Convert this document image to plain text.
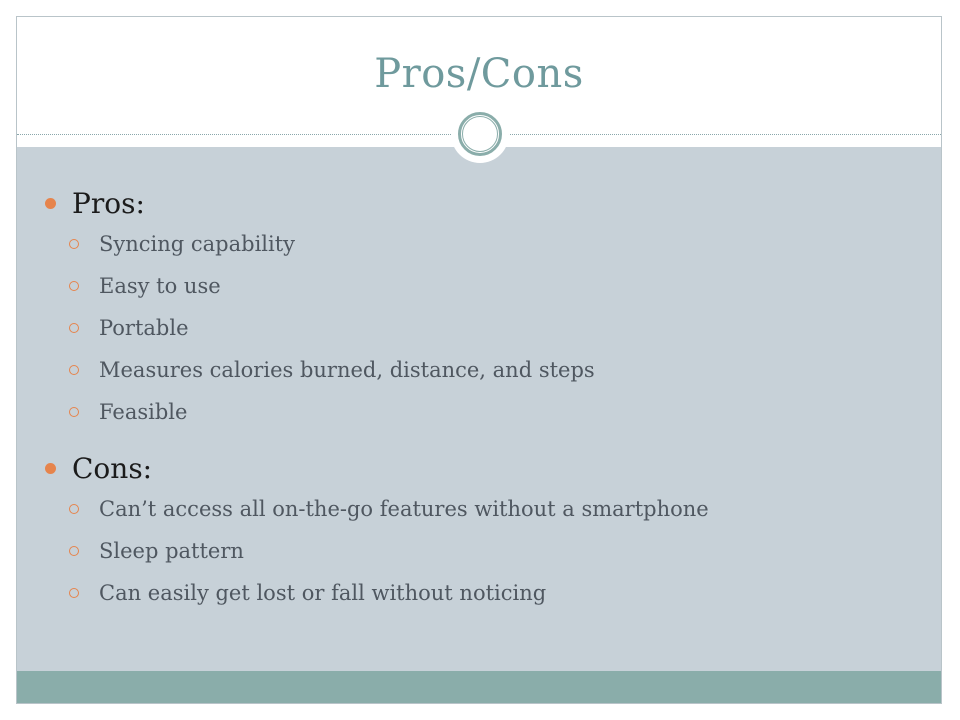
Pros/Cons
Pros:
Syncing capability
Easy to use
Portable
Measures calories burned, distance, and steps
Feasible
Cons:
Can’t access all on-the-go features without a smartphone
Sleep pattern
Can easily get lost or fall without noticing
